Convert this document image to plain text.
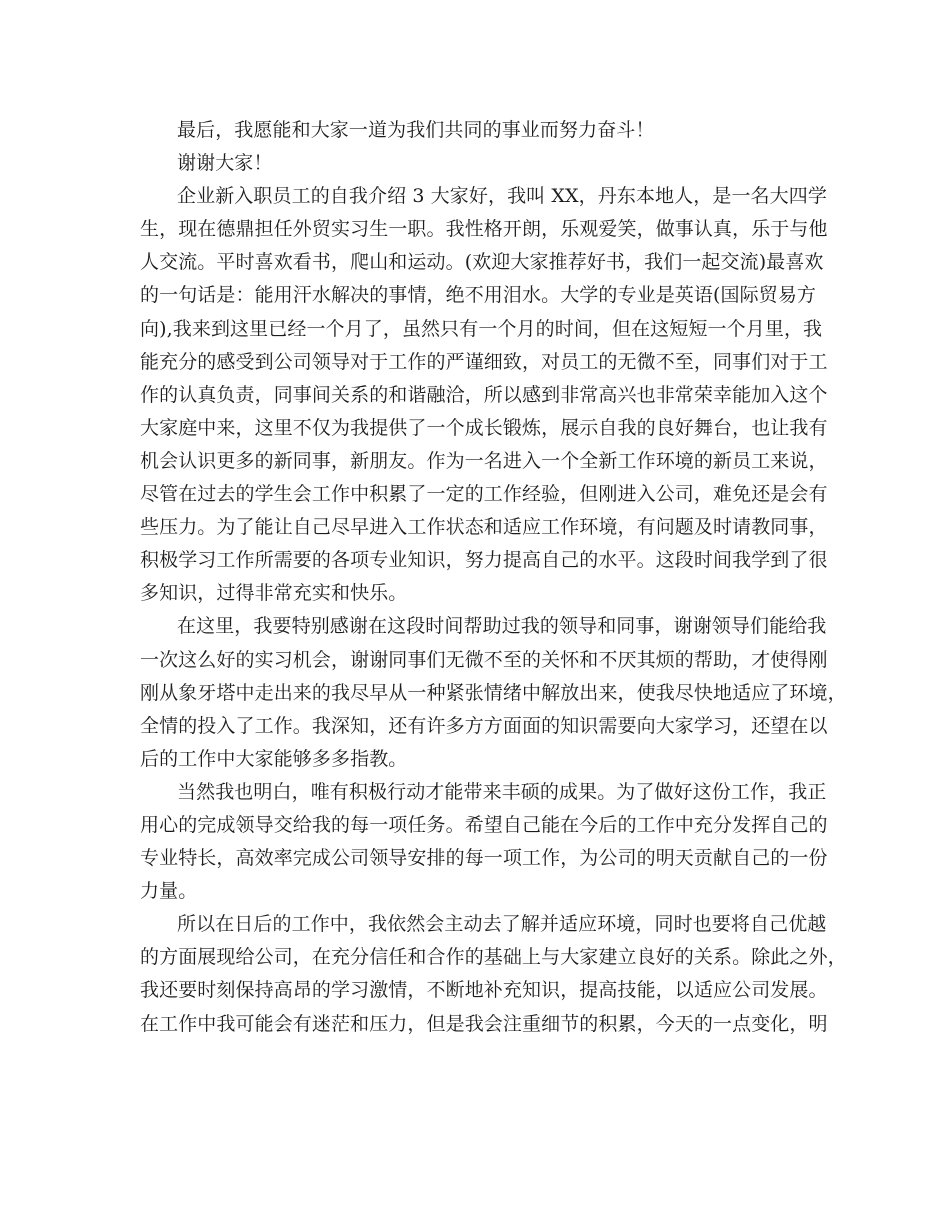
最后，我愿能和大家一道为我们共同的事业而努力奋斗！
谢谢大家！
企业新入职员工的自我介绍 3 大家好，我叫 XX，丹东本地人，是一名大四学
生，现在德鼎担任外贸实习生一职。我性格开朗，乐观爱笑，做事认真，乐于与他
人交流。平时喜欢看书，爬山和运动。(欢迎大家推荐好书，我们一起交流)最喜欢
的一句话是：能用汗水解决的事情，绝不用泪水。大学的专业是英语(国际贸易方
向),我来到这里已经一个月了，虽然只有一个月的时间，但在这短短一个月里，我
能充分的感受到公司领导对于工作的严谨细致，对员工的无微不至，同事们对于工
作的认真负责，同事间关系的和谐融洽，所以感到非常高兴也非常荣幸能加入这个
大家庭中来，这里不仅为我提供了一个成长锻炼，展示自我的良好舞台，也让我有
机会认识更多的新同事，新朋友。作为一名进入一个全新工作环境的新员工来说，
尽管在过去的学生会工作中积累了一定的工作经验，但刚进入公司，难免还是会有
些压力。为了能让自己尽早进入工作状态和适应工作环境，有问题及时请教同事，
积极学习工作所需要的各项专业知识，努力提高自己的水平。这段时间我学到了很
多知识，过得非常充实和快乐。
在这里，我要特别感谢在这段时间帮助过我的领导和同事，谢谢领导们能给我
一次这么好的实习机会，谢谢同事们无微不至的关怀和不厌其烦的帮助，才使得刚
刚从象牙塔中走出来的我尽早从一种紧张情绪中解放出来，使我尽快地适应了环境，
全情的投入了工作。我深知，还有许多方方面面的知识需要向大家学习，还望在以
后的工作中大家能够多多指教。
当然我也明白，唯有积极行动才能带来丰硕的成果。为了做好这份工作，我正
用心的完成领导交给我的每一项任务。希望自己能在今后的工作中充分发挥自己的
专业特长，高效率完成公司领导安排的每一项工作，为公司的明天贡献自己的一份
力量。
所以在日后的工作中，我依然会主动去了解并适应环境，同时也要将自己优越
的方面展现给公司，在充分信任和合作的基础上与大家建立良好的关系。除此之外，
我还要时刻保持高昂的学习激情，不断地补充知识，提高技能，以适应公司发展。
在工作中我可能会有迷茫和压力，但是我会注重细节的积累，今天的一点变化，明
